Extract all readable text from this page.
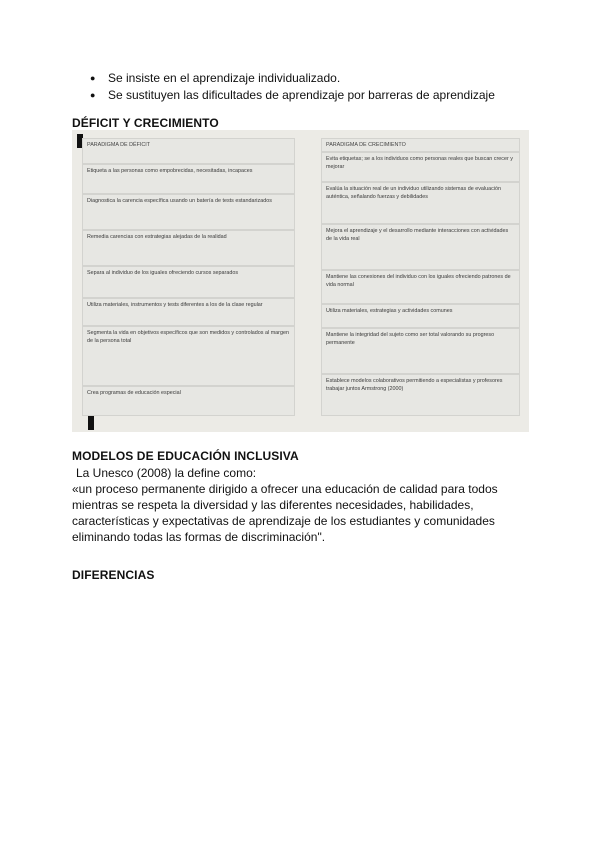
● Se insiste en el aprendizaje individualizado.
● Se sustituyen las dificultades de aprendizaje por barreras de aprendizaje
DÉFICIT Y CRECIMIENTO
PARADIGMA DE DÉFICIT
Etiqueta a las personas como empobrecidas, necesitadas, incapaces
Diagnostica la carencia específica usando un batería de tests estandarizados
Remedia carencias con estrategias alejadas de la realidad
Separa al individuo de los iguales ofreciendo cursos separados
Utiliza materiales, instrumentos y tests diferentes a los de la clase regular
Segmenta la vida en objetivos específicos que son medidos y controlados al margen de la persona total
Crea programas de educación especial
PARADIGMA DE CRECIMIENTO
Evita etiquetas; se a los individuos como personas reales que buscan crecer y mejorar
Evalúa la situación real de un individuo utilizando sistemas de evaluación auténtica, señalando fuerzas y debilidades
Mejora el aprendizaje y el desarrollo mediante interacciones con actividades de la vida real
Mantiene las conexiones del individuo con los iguales ofreciendo patrones de vida normal
Utiliza materiales, estrategias y actividades comunes
Mantiene la integridad del sujeto como ser total valorando su progreso permanente
Establece modelos colaborativos permitiendo a especialistas y profesores trabajar juntos Armstrong (2000)
MODELOS DE EDUCACIÓN INCLUSIVA
La Unesco (2008) la define como:
«un proceso permanente dirigido a ofrecer una educación de calidad para todos mientras se respeta la diversidad y las diferentes necesidades, habilidades, características y expectativas de aprendizaje de los estudiantes y comunidades eliminando todas las formas de discriminación".
DIFERENCIAS
